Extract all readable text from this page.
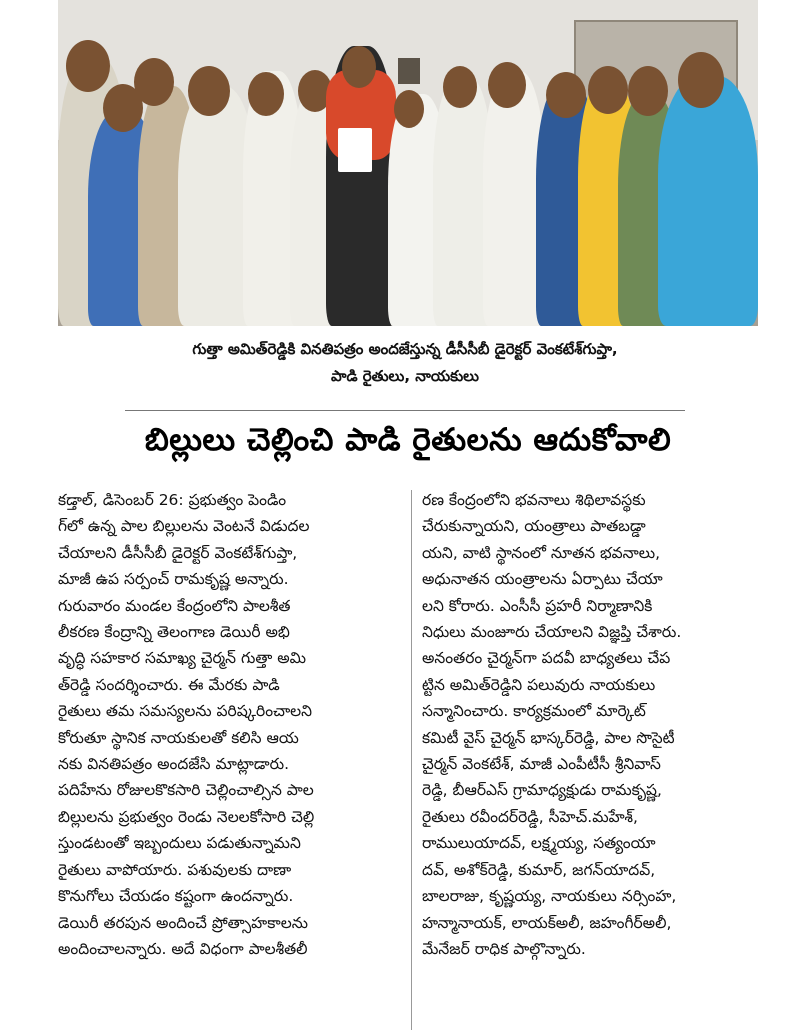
గుత్తా అమిత్‌రెడ్డికి వినతిపత్రం అందజేస్తున్న డీసీసీబీ డైరెక్టర్ వెంకటేశ్‌గుప్తా,
పాడి రైతులు, నాయకులు
బిల్లులు చెల్లించి పాడి రైతులను ఆదుకోవాలి

కడ్తాల్, డిసెంబర్ 26: ప్రభుత్వం పెండిం

గ్‌లో ఉన్న పాల బిల్లులను వెంటనే విడుదల

చేయాలని డీసీసీబీ డైరెక్టర్ వెంకటేశ్‌గుప్తా,

మాజీ ఉప సర్పంచ్ రామకృష్ణ అన్నారు.

గురువారం మండల కేంద్రంలోని పాలశీత

లీకరణ కేంద్రాన్ని తెలంగాణ డెయిరీ అభి

వృద్ధి సహకార సమాఖ్య చైర్మన్ గుత్తా అమి

త్‌రెడ్డి సందర్శించారు. ఈ మేరకు పాడి

రైతులు తమ సమస్యలను పరిష్కరించాలని

కోరుతూ స్థానిక నాయకులతో కలిసి ఆయ

నకు వినతిపత్రం అందజేసి మాట్లాడారు.

పదిహేను రోజులకొకసారి చెల్లించాల్సిన పాల

బిల్లులను ప్రభుత్వం రెండు నెలలకోసారి చెల్లి

స్తుండటంతో ఇబ్బందులు పడుతున్నామని

రైతులు వాపోయారు. పశువులకు దాణా

కొనుగోలు చేయడం కష్టంగా ఉందన్నారు.

డెయిరీ తరపున అందించే ప్రోత్సాహకాలను

అందించాలన్నారు. అదే విధంగా పాలశీతలీ

రణ కేంద్రంలోని భవనాలు శిథిలావస్థకు

చేరుకున్నాయని, యంత్రాలు పాతబడ్డా

యని, వాటి స్థానంలో నూతన భవనాలు,

అధునాతన యంత్రాలను ఏర్పాటు చేయా

లని కోరారు. ఎంసీసీ ప్రహరీ నిర్మాణానికి

నిధులు మంజూరు చేయాలని విజ్ఞప్తి చేశారు.

అనంతరం చైర్మన్‌గా పదవీ బాధ్యతలు చేప

ట్టిన అమిత్‌రెడ్డిని పలువురు నాయకులు

సన్మానించారు. కార్యక్రమంలో మార్కెట్

కమిటీ వైస్ చైర్మన్ భాస్కర్‌రెడ్డి, పాల సొసైటీ

చైర్మన్ వెంకటేశ్, మాజీ ఎంపీటీసీ శ్రీనివాస్

రెడ్డి, బీఆర్ఎస్ గ్రామాధ్యక్షుడు రామకృష్ణ,

రైతులు రవీందర్‌రెడ్డి, సీహెచ్.మహేశ్,

రాములుయాదవ్, లక్ష్మయ్య, సత్యంయా

దవ్, అశోక్‌రెడ్డి, కుమార్, జగన్‌యాదవ్,

బాలరాజు, కృష్ణయ్య, నాయకులు నర్సింహ,

హన్మానాయక్, లాయక్‌అలీ, జహంగీర్‌అలీ,

మేనేజర్ రాధిక పాల్గొన్నారు.
